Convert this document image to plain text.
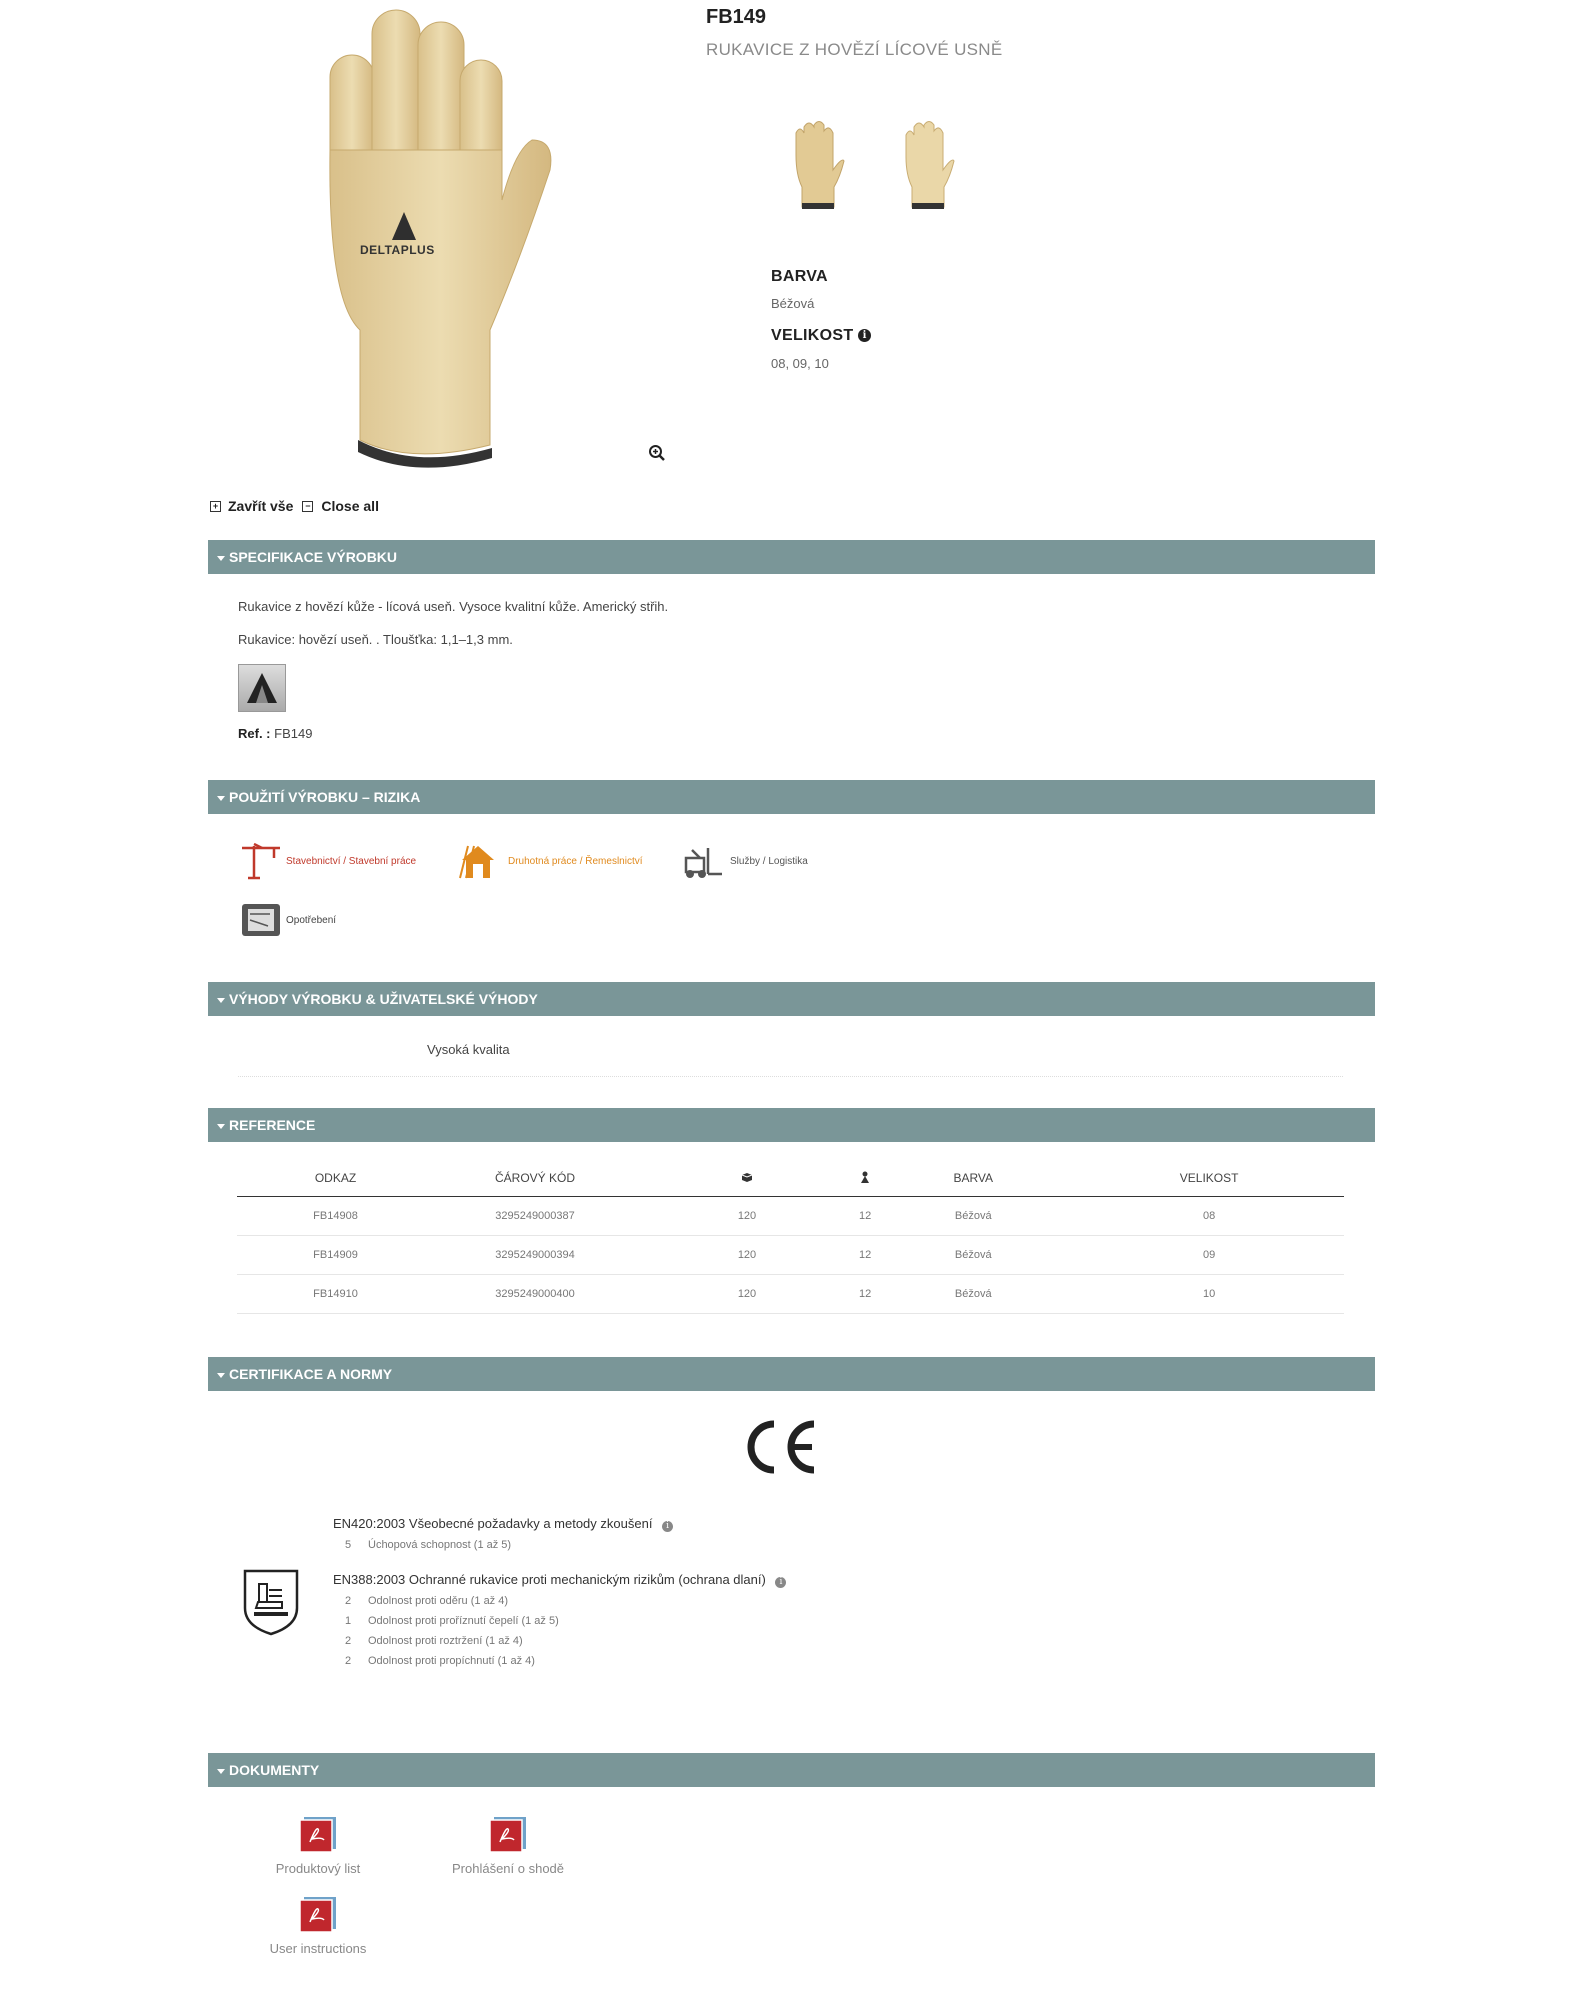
DELTAPLUS
FB149
RUKAVICE Z HOVĚZÍ LÍCOVÉ USNĚ
BARVA
Béžová
VELIKOST i
08, 09, 10
+ Zavřít vše	− Close all
SPECIFIKACE VÝROBKU
Rukavice z hovězí kůže - lícová useň. Vysoce kvalitní kůže. Americký střih.
Rukavice: hovězí useň. . Tloušťka: 1,1–1,3 mm.
Ref. : FB149
POUŽITÍ VÝROBKU – RIZIKA
Stavebnictví / Stavební práce	Druhotná práce / Řemeslnictví	Služby / Logistika
Opotřebení
VÝHODY VÝROBKU & UŽIVATELSKÉ VÝHODY
Vysoká kvalita
REFERENCE
ODKAZ	ČÁROVÝ KÓD			BARVA	VELIKOST
FB14908	3295249000387	120	12	Béžová	08
FB14909	3295249000394	120	12	Béžová	09
FB14910	3295249000400	120	12	Béžová	10
CERTIFIKACE A NORMY
EN420:2003 Všeobecné požadavky a metody zkoušení i
5 Úchopová schopnost (1 až 5)
EN388:2003 Ochranné rukavice proti mechanickým rizikům (ochrana dlaní) i
2 Odolnost proti oděru (1 až 4)
1 Odolnost proti proříznutí čepelí (1 až 5)
2 Odolnost proti roztržení (1 až 4)
2 Odolnost proti propíchnutí (1 až 4)
DOKUMENTY
Produktový list	Prohlášení o shodě
User instructions
